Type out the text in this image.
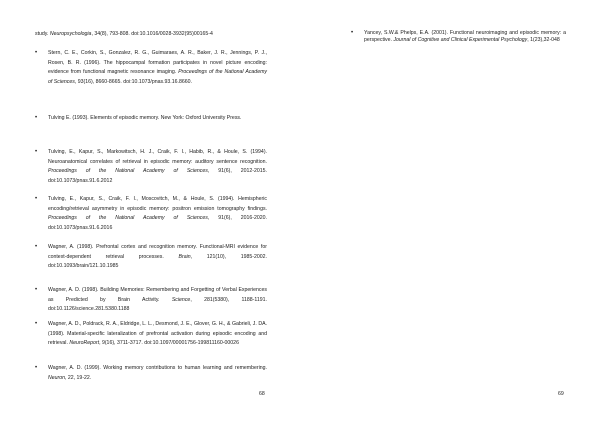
study. Neuropsychologia, 34(8), 793-808. doi:10.1016/0028-3932(95)00165-4
•	Stern, C. E., Corkin, S., Gonzalez, R. G., Guimaraes, A. R., Baker, J. R., Jennings, P. J., Rosen, B. R. (1996). The hippocampal formation participates in novel picture encoding: evidence from functional magnetic resonance imaging. Proceedings of the National Academy of Sciences, 93(16), 8660-8665. doi:10.1073/pnas.93.16.8660.
•	Tulving E. (1993). Elements of episodic memory. New York: Oxford University Press.
•	Tulving, E., Kapur, S., Markowitsch, H. J., Craik, F. I., Habib, R., & Houle, S. (1994). Neuroanatomical correlates of retrieval in episodic memory: auditory sentence recognition. Proceedings of the National Academy of Sciences, 91(6), 2012-2015. doi:10.1073/pnas.91.6.2012
•	Tulving, E., Kapur, S., Craik, F. I., Moscovitch, M., & Houle, S. (1994). Hemispheric encoding/retrieval asymmetry in episodic memory: positron emission tomography findings. Proceedings of the National Academy of Sciences, 91(6), 2016-2020. doi:10.1073/pnas.91.6.2016
•	Wagner, A. (1998). Prefrontal cortex and recognition memory. Functional-MRI evidence for context-dependent retrieval processes.	Brain, 121(10), 1985-2002. doi:10.1093/brain/121.10.1985
•	Wagner, A. D. (1998). Building Memories: Remembering and Forgetting of Verbal Experiences as Predicted by Brain Activity. Science, 281(5380), 1188-1191. doi:10.1126/science.281.5380.1188
•	Wagner, A. D., Poldrack, R. A., Eldridge, L. L., Desmond, J. E., Glover, G. H., & Gabrieli, J. DA. (1998). Material-specific lateralization of prefrontal activation during episodic encoding and retrieval. NeuroReport, 9(16), 3711-3717. doi:10.1097/00001756-199811160-00026
•	Wagner, A. D. (1999). Working memory contributions to human learning and remembering. Neuron, 22, 19-22.
68
•	Yancey, S.W.& Phelps, E.A. (2001). Functional neuroimaging and episodic memory: a perspective. Journal of Cognitive and Clinical Experimental Psychology, 1(23),32-048
69
